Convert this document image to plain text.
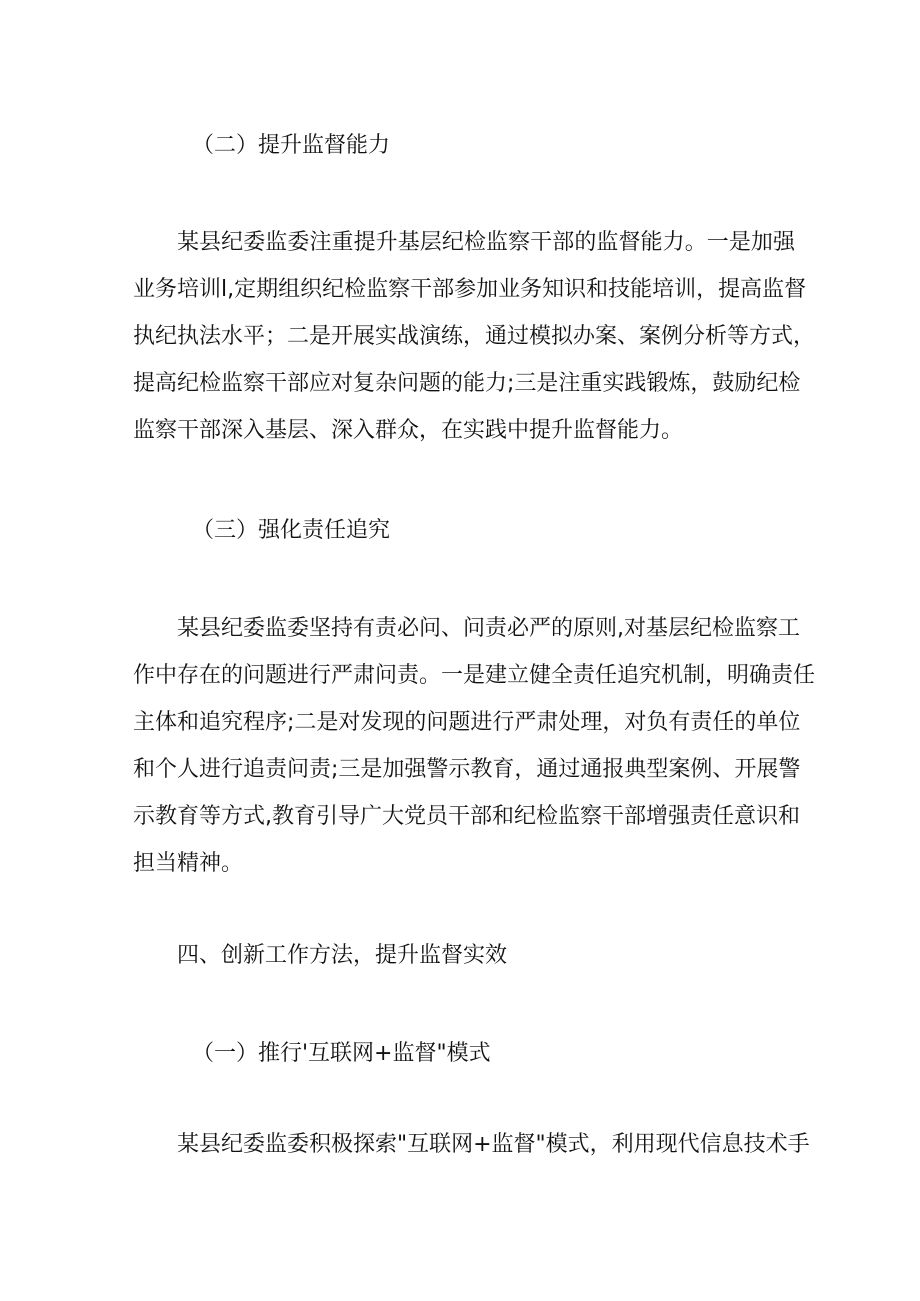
（二）提升监督能力
某县纪委监委注重提升基层纪检监察干部的监督能力。一是加强
业务培训l,定期组织纪检监察干部参加业务知识和技能培训，提高监督
执纪执法水平；二是开展实战演练，通过模拟办案、案例分析等方式，
提高纪检监察干部应对复杂问题的能力;三是注重实践锻炼，鼓励纪检
监察干部深入基层、深入群众，在实践中提升监督能力。
（三）强化责任追究
某县纪委监委坚持有责必问、问责必严的原则,对基层纪检监察工
作中存在的问题进行严肃问责。一是建立健全责任追究机制，明确责任
主体和追究程序;二是对发现的问题进行严肃处理，对负有责任的单位
和个人进行追责问责;三是加强警示教育，通过通报典型案例、开展警
示教育等方式,教育引导广大党员干部和纪检监察干部增强责任意识和
担当精神。
四、创新工作方法，提升监督实效
（一）推行'互联网+监督"模式
某县纪委监委积极探索"互联网+监督"模式，利用现代信息技术手
